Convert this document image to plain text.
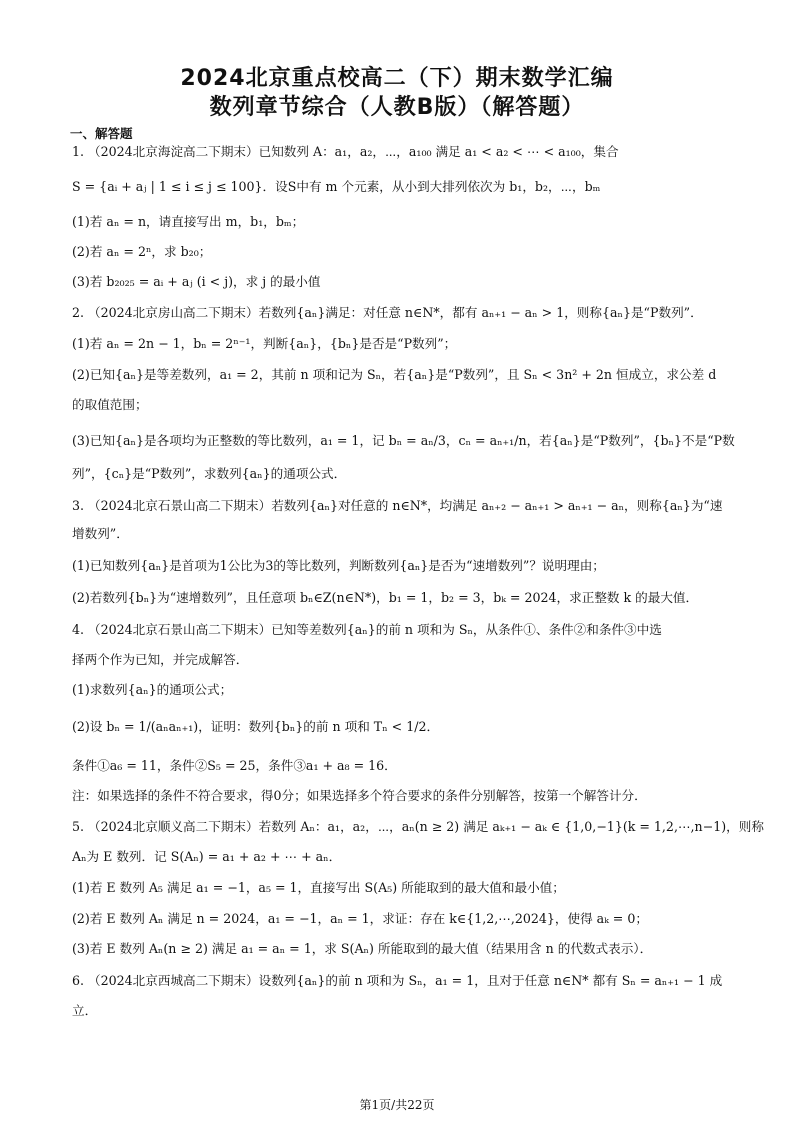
2024北京重点校高二（下）期末数学汇编
数列章节综合（人教B版）（解答题）
一、解答题
1. （2024北京海淀高二下期末）已知数列 A：a₁，a₂，⋯，a₁₀₀ 满足 a₁ < a₂ < ⋯ < a₁₀₀，集合
S = {aᵢ + aⱼ | 1 ≤ i ≤ j ≤ 100}．设S中有 m 个元素，从小到大排列依次为 b₁，b₂，⋯，bₘ
(1)若 aₙ = n，请直接写出 m，b₁，bₘ；
(2)若 aₙ = 2ⁿ，求 b₂₀；
(3)若 b₂₀₂₅ = aᵢ + aⱼ (i < j)，求 j 的最小值
2. （2024北京房山高二下期末）若数列{aₙ}满足：对任意 n∈N*，都有 aₙ₊₁ − aₙ > 1，则称{aₙ}是“P数列”．
(1)若 aₙ = 2n − 1，bₙ = 2ⁿ⁻¹，判断{aₙ}，{bₙ}是否是“P数列”；
(2)已知{aₙ}是等差数列，a₁ = 2，其前 n 项和记为 Sₙ，若{aₙ}是“P数列”，且 Sₙ < 3n² + 2n 恒成立，求公差 d
的取值范围；
(3)已知{aₙ}是各项均为正整数的等比数列，a₁ = 1，记 bₙ = aₙ/3，cₙ = aₙ₊₁/n，若{aₙ}是“P数列”，{bₙ}不是“P数
列”，{cₙ}是“P数列”，求数列{aₙ}的通项公式．
3. （2024北京石景山高二下期末）若数列{aₙ}对任意的 n∈N*，均满足 aₙ₊₂ − aₙ₊₁ > aₙ₊₁ − aₙ，则称{aₙ}为“速
增数列”．
(1)已知数列{aₙ}是首项为1公比为3的等比数列，判断数列{aₙ}是否为“速增数列”？说明理由；
(2)若数列{bₙ}为“速增数列”，且任意项 bₙ∈Z(n∈N*)，b₁ = 1，b₂ = 3，bₖ = 2024，求正整数 k 的最大值．
4. （2024北京石景山高二下期末）已知等差数列{aₙ}的前 n 项和为 Sₙ，从条件①、条件②和条件③中选
择两个作为已知，并完成解答．
(1)求数列{aₙ}的通项公式；
(2)设 bₙ = 1/(aₙaₙ₊₁)，证明：数列{bₙ}的前 n 项和 Tₙ < 1/2．
条件①a₆ = 11，条件②S₅ = 25，条件③a₁ + a₈ = 16．
注：如果选择的条件不符合要求，得0分；如果选择多个符合要求的条件分别解答，按第一个解答计分．
5. （2024北京顺义高二下期末）若数列 Aₙ：a₁，a₂，⋯，aₙ(n ≥ 2) 满足 aₖ₊₁ − aₖ ∈ {1,0,−1}(k = 1,2,⋯,n−1)，则称
Aₙ为 E 数列．记 S(Aₙ) = a₁ + a₂ + ⋯ + aₙ．
(1)若 E 数列 A₅ 满足 a₁ = −1，a₅ = 1，直接写出 S(A₅) 所能取到的最大值和最小值；
(2)若 E 数列 Aₙ 满足 n = 2024，a₁ = −1，aₙ = 1，求证：存在 k∈{1,2,⋯,2024}，使得 aₖ = 0；
(3)若 E 数列 Aₙ(n ≥ 2) 满足 a₁ = aₙ = 1，求 S(Aₙ) 所能取到的最大值（结果用含 n 的代数式表示）．
6. （2024北京西城高二下期末）设数列{aₙ}的前 n 项和为 Sₙ，a₁ = 1，且对于任意 n∈N* 都有 Sₙ = aₙ₊₁ − 1 成
立．
第1页/共22页
